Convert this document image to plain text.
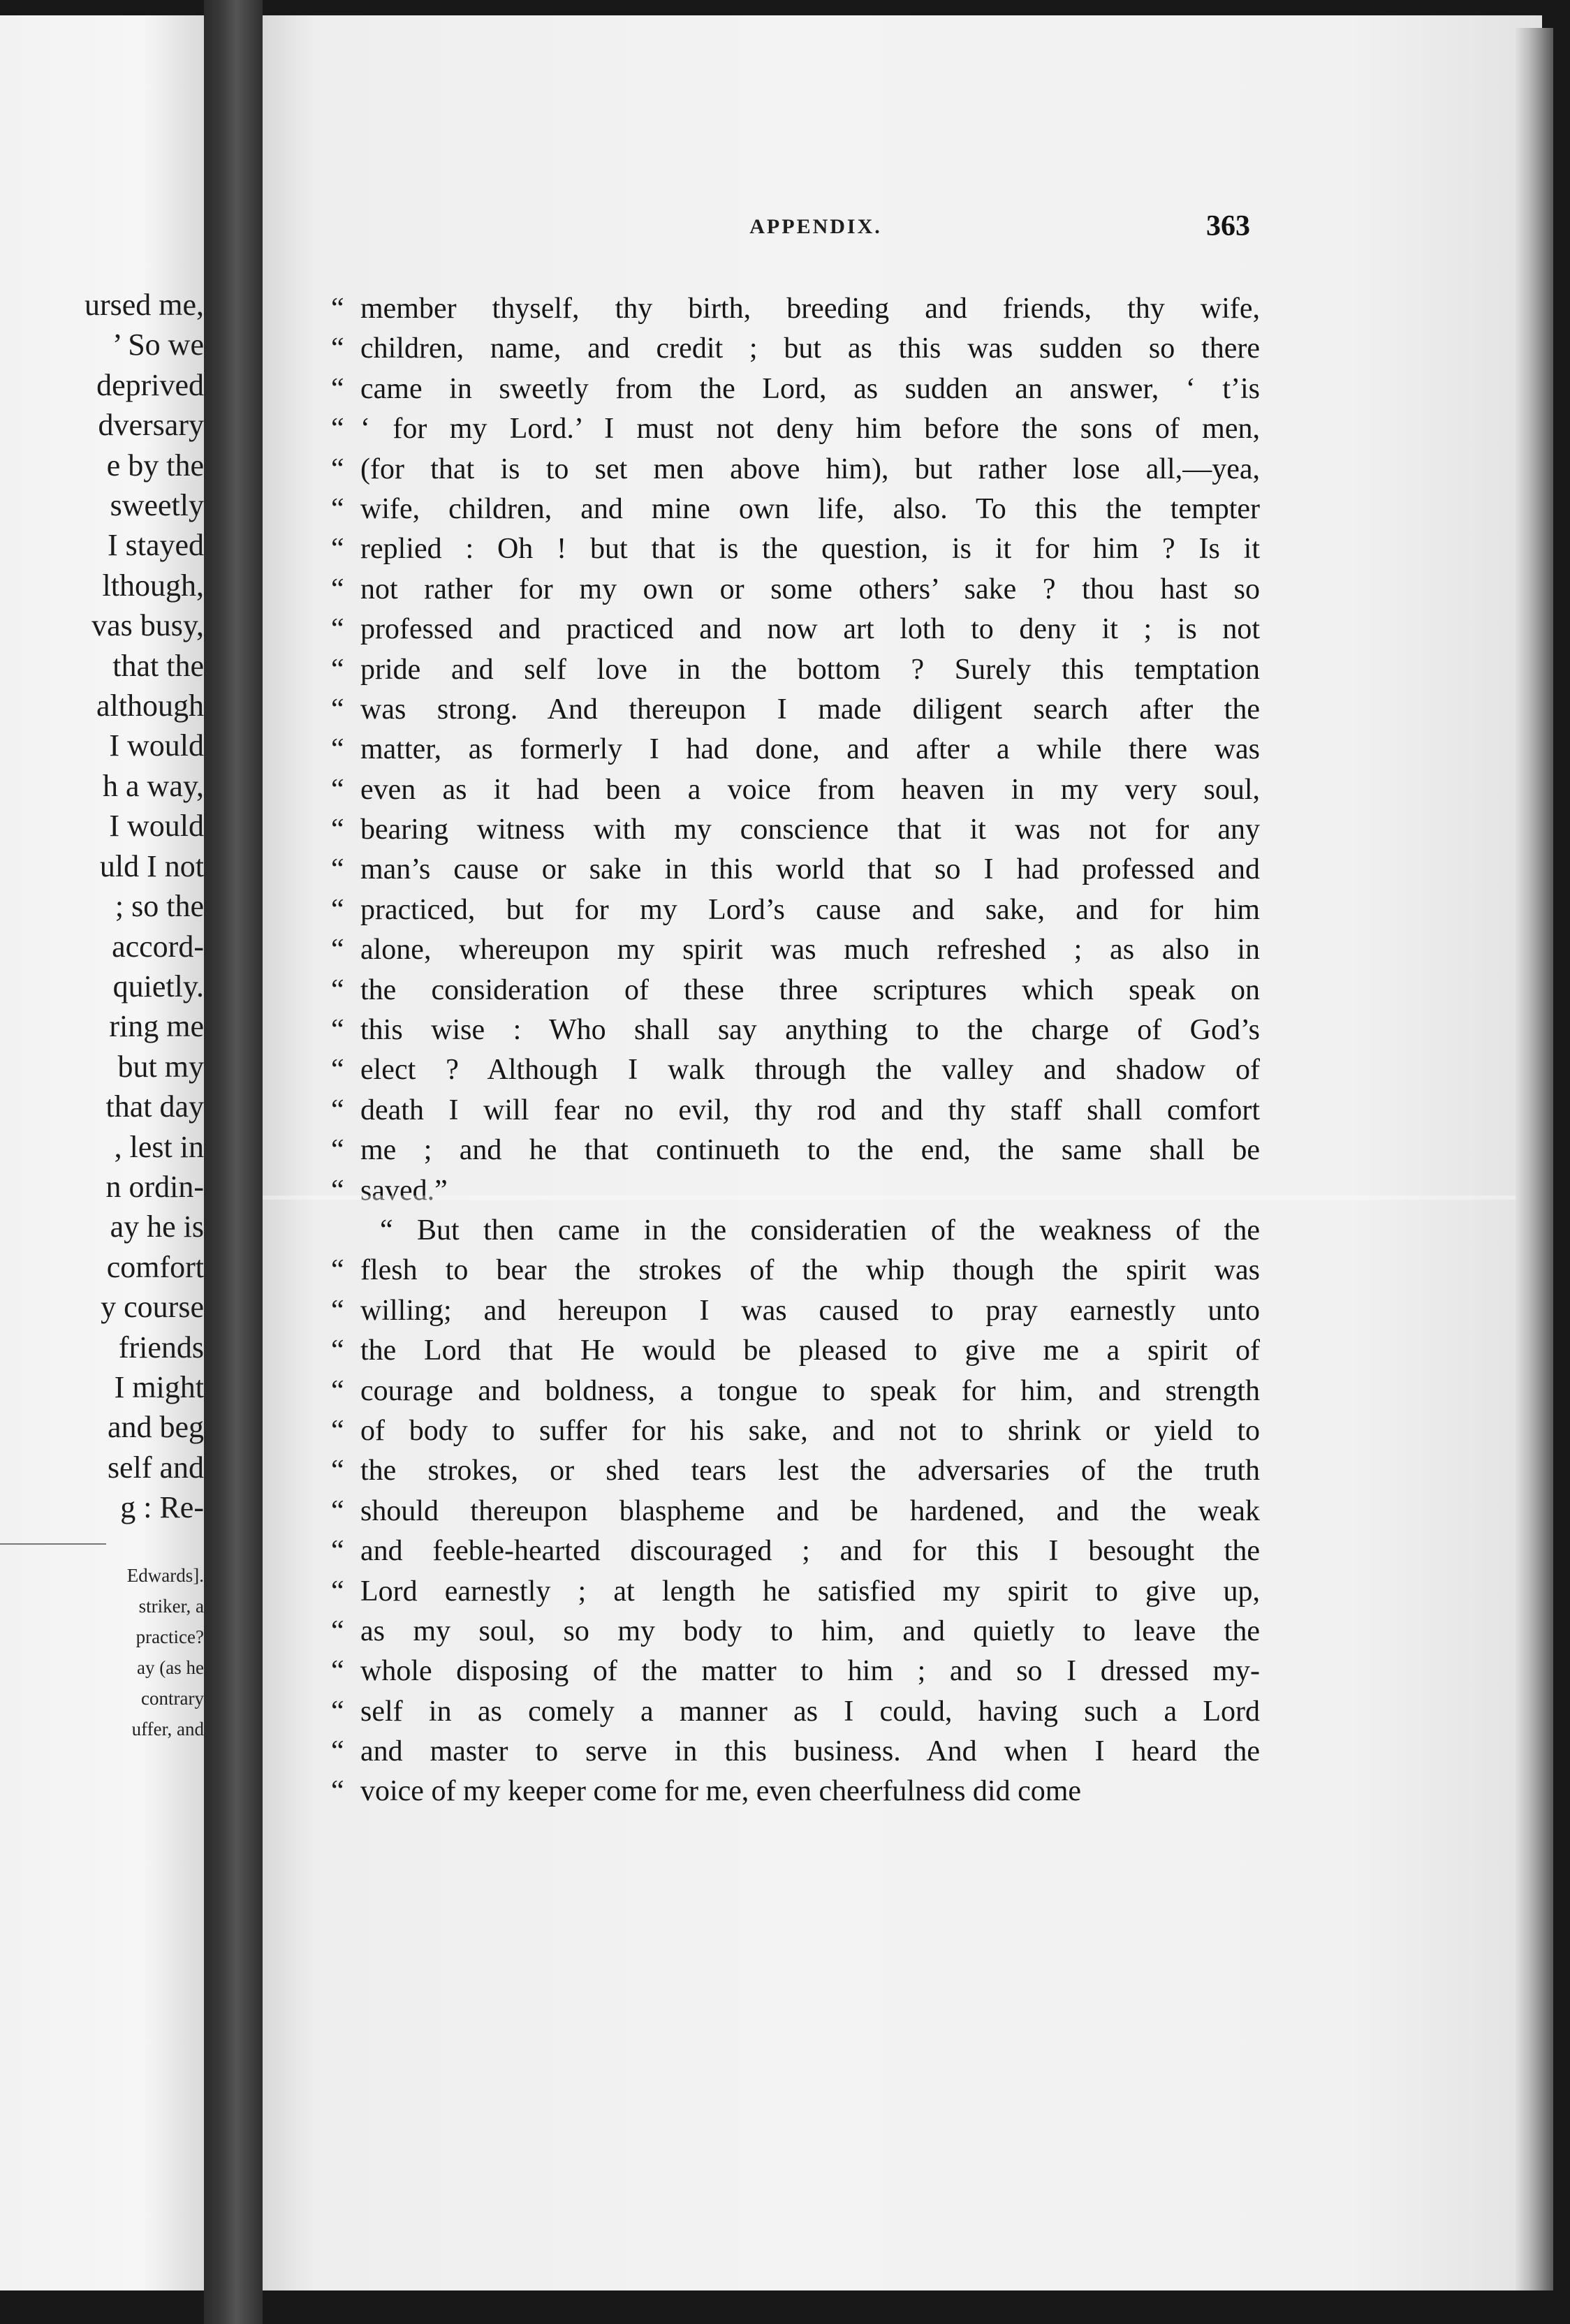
ursed me,
’ So we
deprived
dversary
e by the
sweetly
I stayed
lthough,
vas busy,
that the
although
I would
h a way,
I would
uld I not
; so the
accord-
quietly.
ring me
but my
that day
, lest in
n ordin-
ay he is
comfort
y course
friends
I might
and beg
self and
g : Re-
Edwards].
striker, a
practice?
ay (as he
contrary
uffer, and
APPENDIX.	363
“ member thyself, thy birth, breeding and friends, thy wife,
“ children, name, and credit ; but as this was sudden so there
“ came in sweetly from the Lord, as sudden an answer, ‘ t’is
“ ‘ for my Lord.’ I must not deny him before the sons of men,
“ (for that is to set men above him), but rather lose all,—yea,
“ wife, children, and mine own life, also. To this the tempter
“ replied : Oh ! but that is the question, is it for him ? Is it
“ not rather for my own or some others’ sake ? thou hast so
“ professed and practiced and now art loth to deny it ; is not
“ pride and self love in the bottom ? Surely this temptation
“ was strong. And thereupon I made diligent search after the
“ matter, as formerly I had done, and after a while there was
“ even as it had been a voice from heaven in my very soul,
“ bearing witness with my conscience that it was not for any
“ man’s cause or sake in this world that so I had professed and
“ practiced, but for my Lord’s cause and sake, and for him
“ alone, whereupon my spirit was much refreshed ; as also in
“ the consideration of these three scriptures which speak on
“ this wise : Who shall say anything to the charge of God’s
“ elect ? Although I walk through the valley and shadow of
“ death I will fear no evil, thy rod and thy staff shall comfort
“ me ; and he that continueth to the end, the same shall be
“ saved.”
“ But then came in the consideratien of the weakness of the
“ flesh to bear the strokes of the whip though the spirit was
“ willing; and hereupon I was caused to pray earnestly unto
“ the Lord that He would be pleased to give me a spirit of
“ courage and boldness, a tongue to speak for him, and strength
“ of body to suffer for his sake, and not to shrink or yield to
“ the strokes, or shed tears lest the adversaries of the truth
“ should thereupon blaspheme and be hardened, and the weak
“ and feeble-hearted discouraged ; and for this I besought the
“ Lord earnestly ; at length he satisfied my spirit to give up,
“ as my soul, so my body to him, and quietly to leave the
“ whole disposing of the matter to him ; and so I dressed my-
“ self in as comely a manner as I could, having such a Lord
“ and master to serve in this business. And when I heard the
“ voice of my keeper come for me, even cheerfulness did come
